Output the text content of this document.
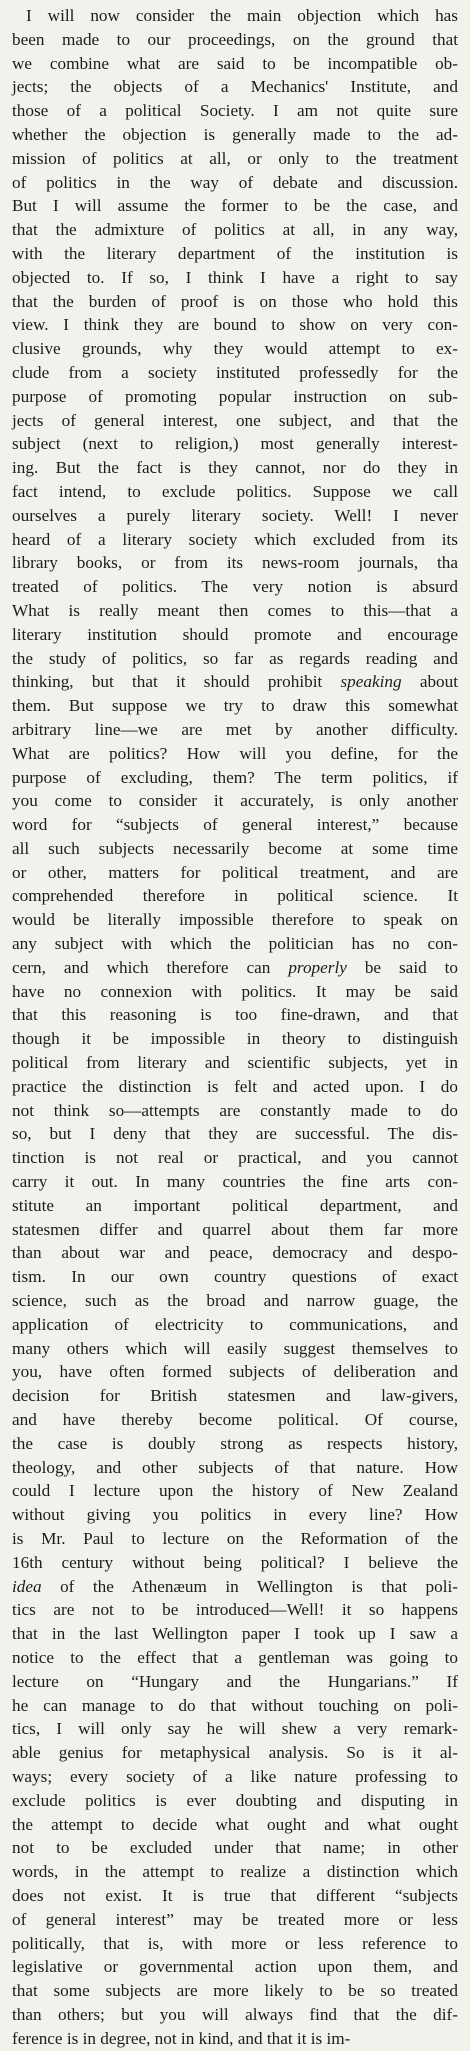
I will now consider the main objection which has
been made to our proceedings, on the ground that
we combine what are said to be incompatible ob-
jects; the objects of a Mechanics' Institute, and
those of a political Society. I am not quite sure
whether the objection is generally made to the ad-
mission of politics at all, or only to the treatment
of politics in the way of debate and discussion.
But I will assume the former to be the case, and
that the admixture of politics at all, in any way,
with the literary department of the institution is
objected to. If so, I think I have a right to say
that the burden of proof is on those who hold this
view. I think they are bound to show on very con-
clusive grounds, why they would attempt to ex-
clude from a society instituted professedly for the
purpose of promoting popular instruction on sub-
jects of general interest, one subject, and that the
subject (next to religion,) most generally interest-
ing. But the fact is they cannot, nor do they in
fact intend, to exclude politics. Suppose we call
ourselves a purely literary society. Well! I never
heard of a literary society which excluded from its
library books, or from its news-room journals, tha
treated of politics. The very notion is absurd
What is really meant then comes to this—that a
literary institution should promote and encourage
the study of politics, so far as regards reading and
thinking, but that it should prohibit speaking about
them. But suppose we try to draw this somewhat
arbitrary line—we are met by another difficulty.
What are politics? How will you define, for the
purpose of excluding, them? The term politics, if
you come to consider it accurately, is only another
word for “subjects of general interest,” because
all such subjects necessarily become at some time
or other, matters for political treatment, and are
comprehended therefore in political science. It
would be literally impossible therefore to speak on
any subject with which the politician has no con-
cern, and which therefore can properly be said to
have no connexion with politics. It may be said
that this reasoning is too fine-drawn, and that
though it be impossible in theory to distinguish
political from literary and scientific subjects, yet in
practice the distinction is felt and acted upon. I do
not think so—attempts are constantly made to do
so, but I deny that they are successful. The dis-
tinction is not real or practical, and you cannot
carry it out. In many countries the fine arts con-
stitute an important political department, and
statesmen differ and quarrel about them far more
than about war and peace, democracy and despo-
tism. In our own country questions of exact
science, such as the broad and narrow guage, the
application of electricity to communications, and
many others which will easily suggest themselves to
you, have often formed subjects of deliberation and
decision for British statesmen and law-givers,
and have thereby become political. Of course,
the case is doubly strong as respects history,
theology, and other subjects of that nature. How
could I lecture upon the history of New Zealand
without giving you politics in every line? How
is Mr. Paul to lecture on the Reformation of the
16th century without being political? I believe the
idea of the Athenæum in Wellington is that poli-
tics are not to be introduced—Well! it so happens
that in the last Wellington paper I took up I saw a
notice to the effect that a gentleman was going to
lecture on “Hungary and the Hungarians.” If
he can manage to do that without touching on poli-
tics, I will only say he will shew a very remark-
able genius for metaphysical analysis. So is it al-
ways; every society of a like nature professing to
exclude politics is ever doubting and disputing in
the attempt to decide what ought and what ought
not to be excluded under that name; in other
words, in the attempt to realize a distinction which
does not exist. It is true that different “subjects
of general interest” may be treated more or less
politically, that is, with more or less reference to
legislative or governmental action upon them, and
that some subjects are more likely to be so treated
than others; but you will always find that the dif-
ference is in degree, not in kind, and that it is im-
